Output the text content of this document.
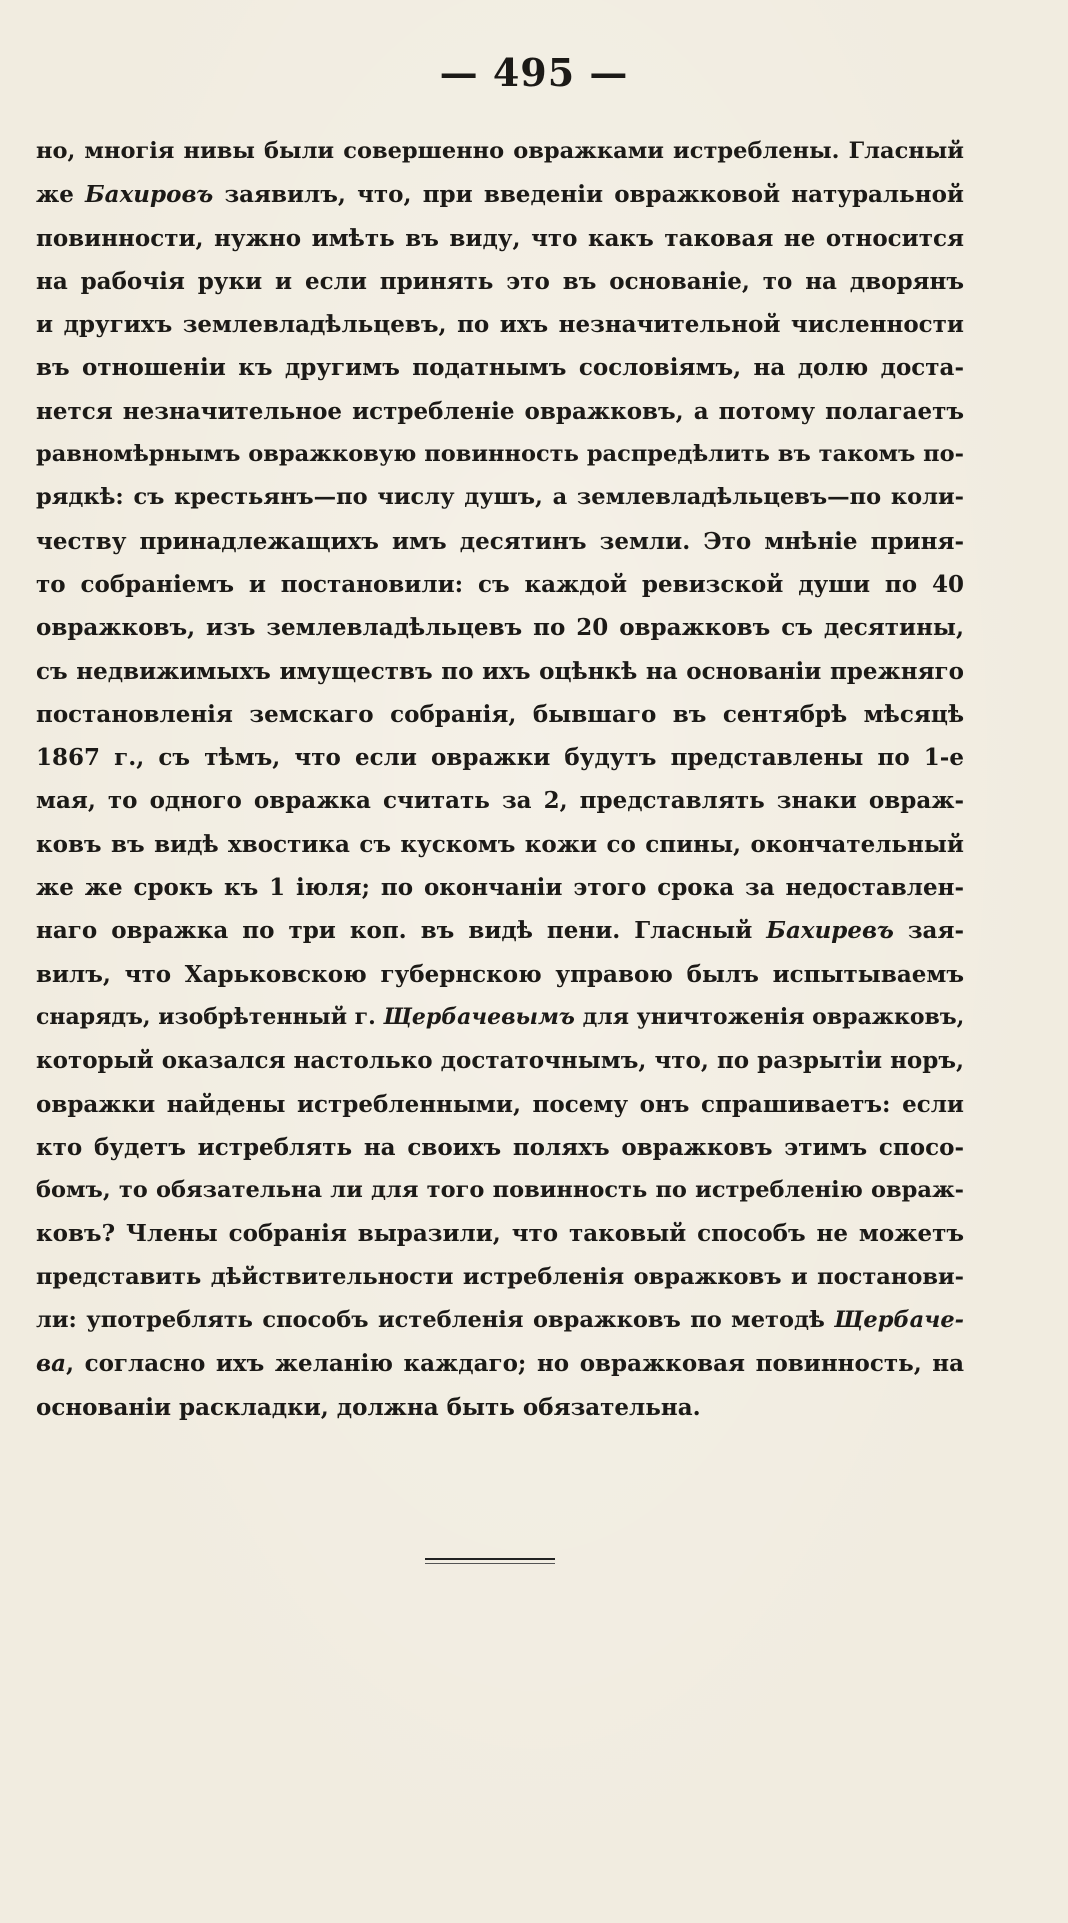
— 495 —
но, многія нивы были совершенно овражками истреблены. Гласный
же Бахировъ заявилъ, что, при введеніи овражковой натуральной
повинности, нужно имѣть въ виду, что какъ таковая не относится
на рабочія руки и если принять это въ основаніе, то на дворянъ
и другихъ землевладѣльцевъ, по ихъ незначительной численности
въ отношеніи къ другимъ податнымъ сословіямъ, на долю доста-
нется незначительное истребленіе овражковъ, а потому полагаетъ
равномѣрнымъ овражковую повинность распредѣлить въ такомъ по-
рядкѣ: съ крестьянъ—по числу душъ, а землевладѣльцевъ—по коли-
честву принадлежащихъ имъ десятинъ земли. Это мнѣніе приня-
то собраніемъ и постановили: съ каждой ревизской души по 40
овражковъ, изъ землевладѣльцевъ по 20 овражковъ съ десятины,
съ недвижимыхъ имуществъ по ихъ оцѣнкѣ на основаніи прежняго
постановленія земскаго собранія, бывшаго въ сентябрѣ мѣсяцѣ
1867 г., съ тѣмъ, что если овражки будутъ представлены по 1-е
мая, то одного овражка считать за 2, представлять знаки овраж-
ковъ въ видѣ хвостика съ кускомъ кожи со спины, окончательный
же же срокъ къ 1 іюля; по окончаніи этого срока за недоставлен-
наго овражка по три коп. въ видѣ пени. Гласный Бахиревъ зая-
вилъ, что Харьковскою губернскою управою былъ испытываемъ
снарядъ, изобрѣтенный г. Щербачевымъ для уничтоженія овражковъ,
который оказался настолько достаточнымъ, что, по разрытіи норъ,
овражки найдены истребленными, посему онъ спрашиваетъ: если
кто будетъ истреблять на своихъ поляхъ овражковъ этимъ спосо-
бомъ, то обязательна ли для того повинность по истребленію овраж-
ковъ? Члены собранія выразили, что таковый способъ не можетъ
представить дѣйствительности истребленія овражковъ и постанови-
ли: употреблять способъ истебленія овражковъ по методѣ Щербаче-
ва, согласно ихъ желанію каждаго; но овражковая повинность, на
основаніи раскладки, должна быть обязательна.
